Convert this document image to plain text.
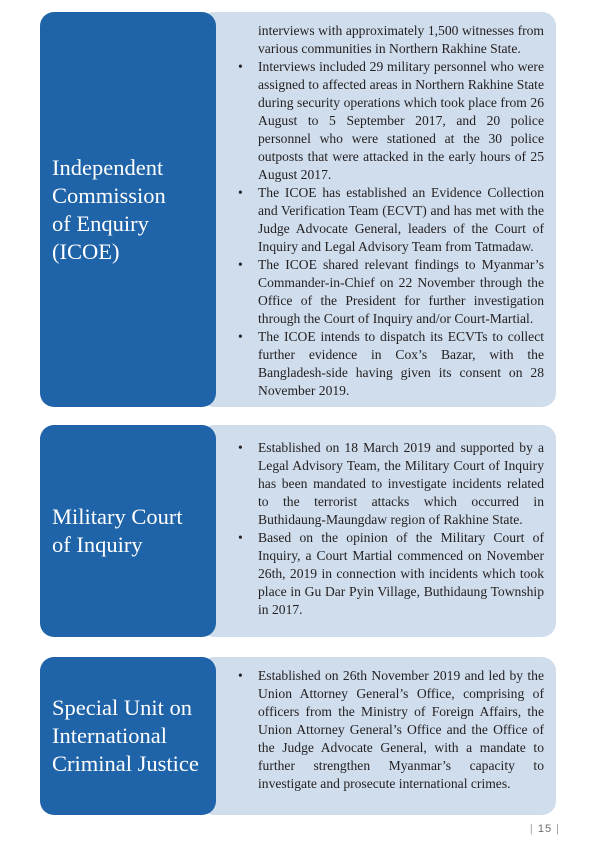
Independent
Commission
of Enquiry
(ICOE)

interviews with approximately 1,500 witnesses from various communities in Northern Rakhine State.

• Interviews included 29 military personnel who were assigned to affected areas in Northern Rakhine State during security operations which took place from 26 August to 5 September 2017, and 20 police personnel who were stationed at the 30 police outposts that were attacked in the early hours of 25 August 2017.

• The ICOE has established an Evidence Collection and Verification Team (ECVT) and has met with the Judge Advocate General, leaders of the Court of Inquiry and Legal Advisory Team from Tatmadaw.

• The ICOE shared relevant findings to Myanmar’s Commander-in-Chief on 22 November through the Office of the President for further investigation through the Court of Inquiry and/or Court-Martial.

• The ICOE intends to dispatch its ECVTs to collect further evidence in Cox’s Bazar, with the Bangladesh-side having given its consent on 28 November 2019.

Military Court
of Inquiry

• Established on 18 March 2019 and supported by a Legal Advisory Team, the Military Court of Inquiry has been mandated to investigate incidents related to the terrorist attacks which occurred in Buthidaung-Maungdaw region of Rakhine State.

• Based on the opinion of the Military Court of Inquiry, a Court Martial commenced on November 26th, 2019 in connection with incidents which took place in Gu Dar Pyin Village, Buthidaung Township in 2017.

Special Unit on
International
Criminal Justice

• Established on 26th November 2019 and led by the Union Attorney General’s Office, comprising of officers from the Ministry of Foreign Affairs, the Union Attorney General’s Office and the Office of the Judge Advocate General, with a mandate to further strengthen Myanmar’s capacity to investigate and prosecute international crimes.

| 15 |
